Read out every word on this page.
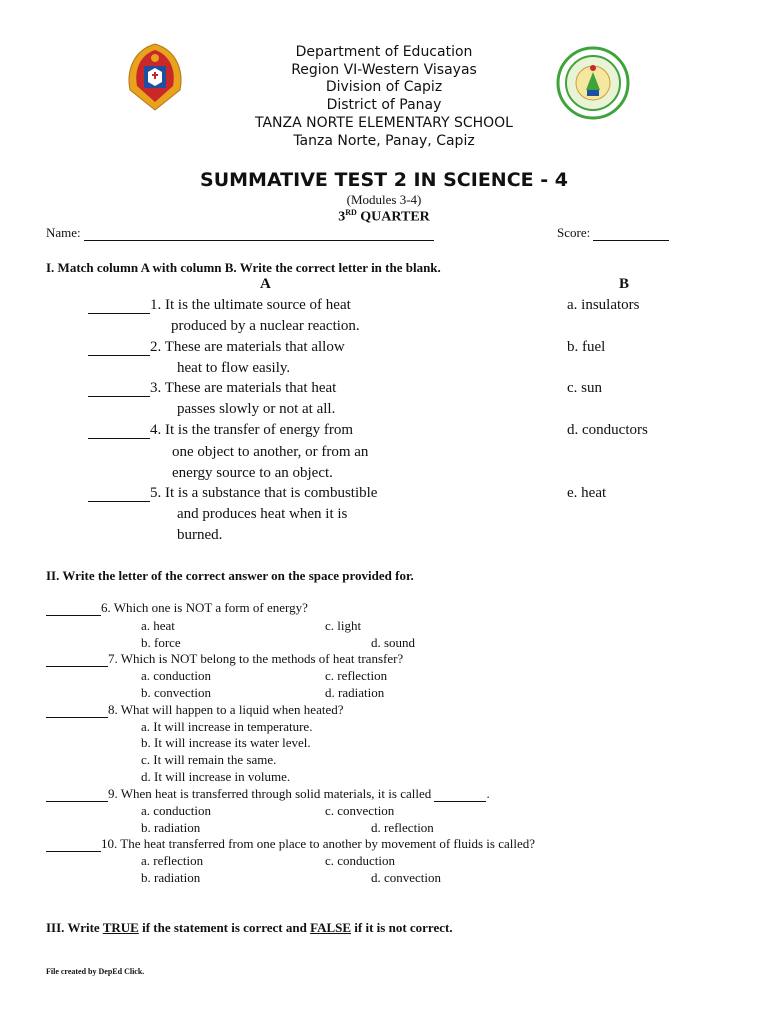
Department of Education
Region VI-Western Visayas
Division of Capiz
District of Panay
TANZA NORTE ELEMENTARY SCHOOL
Tanza Norte, Panay, Capiz
SUMMATIVE TEST 2 IN SCIENCE - 4
(Modules 3-4)
3RD QUARTER
Name:	Score:
I. Match column A with column B. Write the correct letter in the blank.
A	B
1. It is the ultimate source of heat
produced by a nuclear reaction.
2. These are materials that allow
heat to flow easily.
3. These are materials that heat
passes slowly or not at all.
4. It is the transfer of energy from
one object to another, or from an
energy source to an object.
5. It is a substance that is combustible
and produces heat when it is
burned.
a. insulators
b. fuel
c. sun
d. conductors
e. heat
II. Write the letter of the correct answer on the space provided for.
6. Which one is NOT a form of energy?
a. heat	c. light
b. force	d. sound
7. Which is NOT belong to the methods of heat transfer?
a. conduction	c. reflection
b. convection	d. radiation
8. What will happen to a liquid when heated?
a. It will increase in temperature.
b. It will increase its water level.
c. It will remain the same.
d. It will increase in volume.
9. When heat is transferred through solid materials, it is called	.
a. conduction	c. convection
b. radiation	d. reflection
10. The heat transferred from one place to another by movement of fluids is called?
a. reflection	c. conduction
b. radiation	d. convection
III. Write TRUE if the statement is correct and FALSE if it is not correct.
File created by DepEd Click.
